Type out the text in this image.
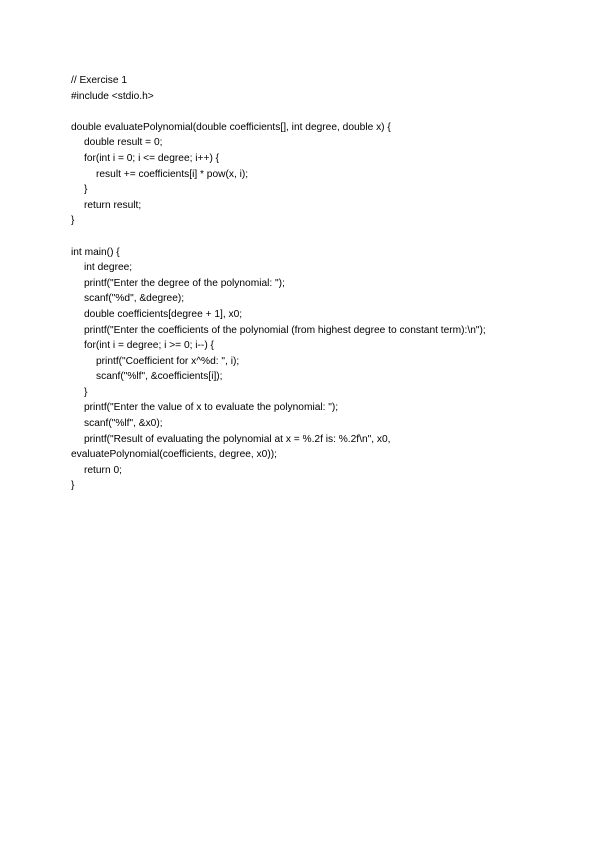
// Exercise 1
#include <stdio.h>
double evaluatePolynomial(double coefficients[], int degree, double x) {
double result = 0;
for(int i = 0; i <= degree; i++) {
result += coefficients[i] * pow(x, i);
}
return result;
}
int main() {
int degree;
printf("Enter the degree of the polynomial: ");
scanf("%d", &degree);
double coefficients[degree + 1], x0;
printf("Enter the coefficients of the polynomial (from highest degree to constant term):\n");
for(int i = degree; i >= 0; i--) {
printf("Coefficient for x^%d: ", i);
scanf("%lf", &coefficients[i]);
}
printf("Enter the value of x to evaluate the polynomial: ");
scanf("%lf", &x0);
printf("Result of evaluating the polynomial at x = %.2f is: %.2f\n", x0,
evaluatePolynomial(coefficients, degree, x0));
return 0;
}
